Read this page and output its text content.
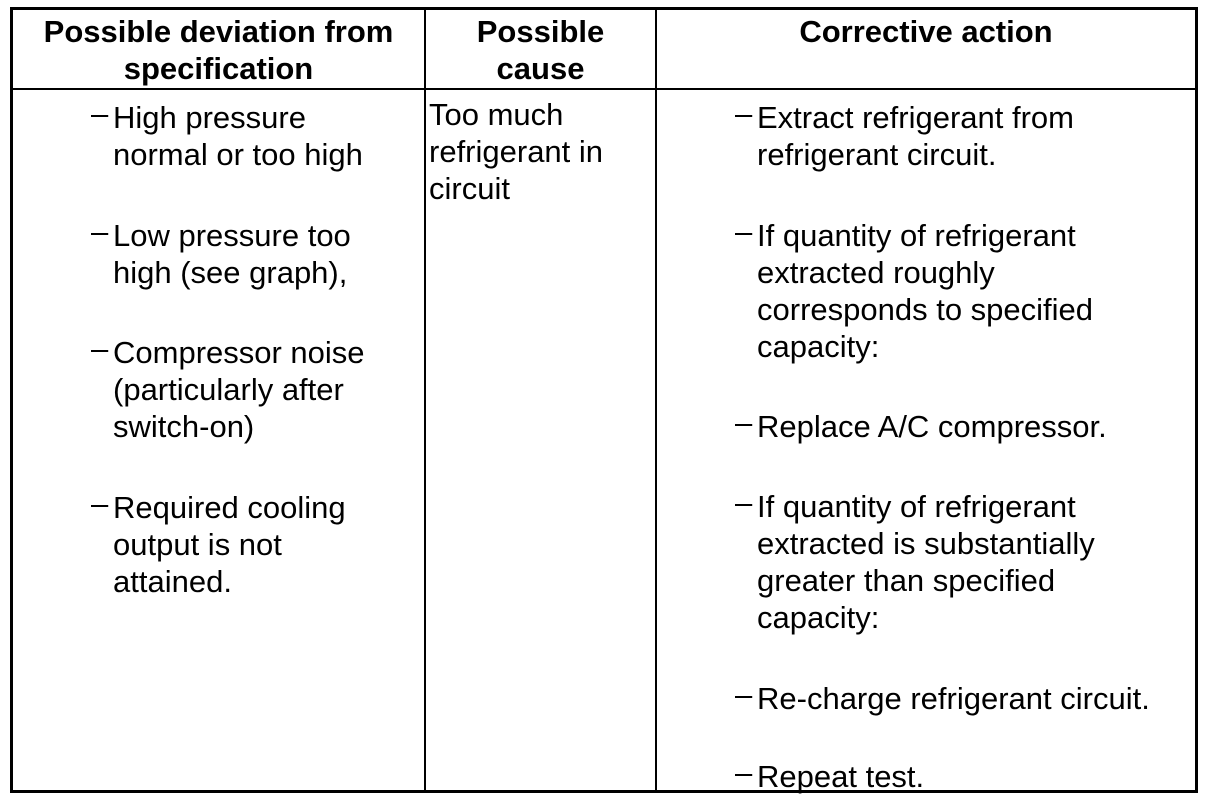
Possible deviation from specification
Possible cause
Corrective action
– High pressure
normal or too high
– Low pressure too
high (see graph),
– Compressor noise
(particularly after
switch-on)
– Required cooling
output is not
attained.
Too much
refrigerant in
circuit
– Extract refrigerant from
refrigerant circuit.
– If quantity of refrigerant
extracted roughly
corresponds to specified
capacity:
– Replace A/C compressor.
– If quantity of refrigerant
extracted is substantially
greater than specified
capacity:
– Re-charge refrigerant circuit.
– Repeat test.
